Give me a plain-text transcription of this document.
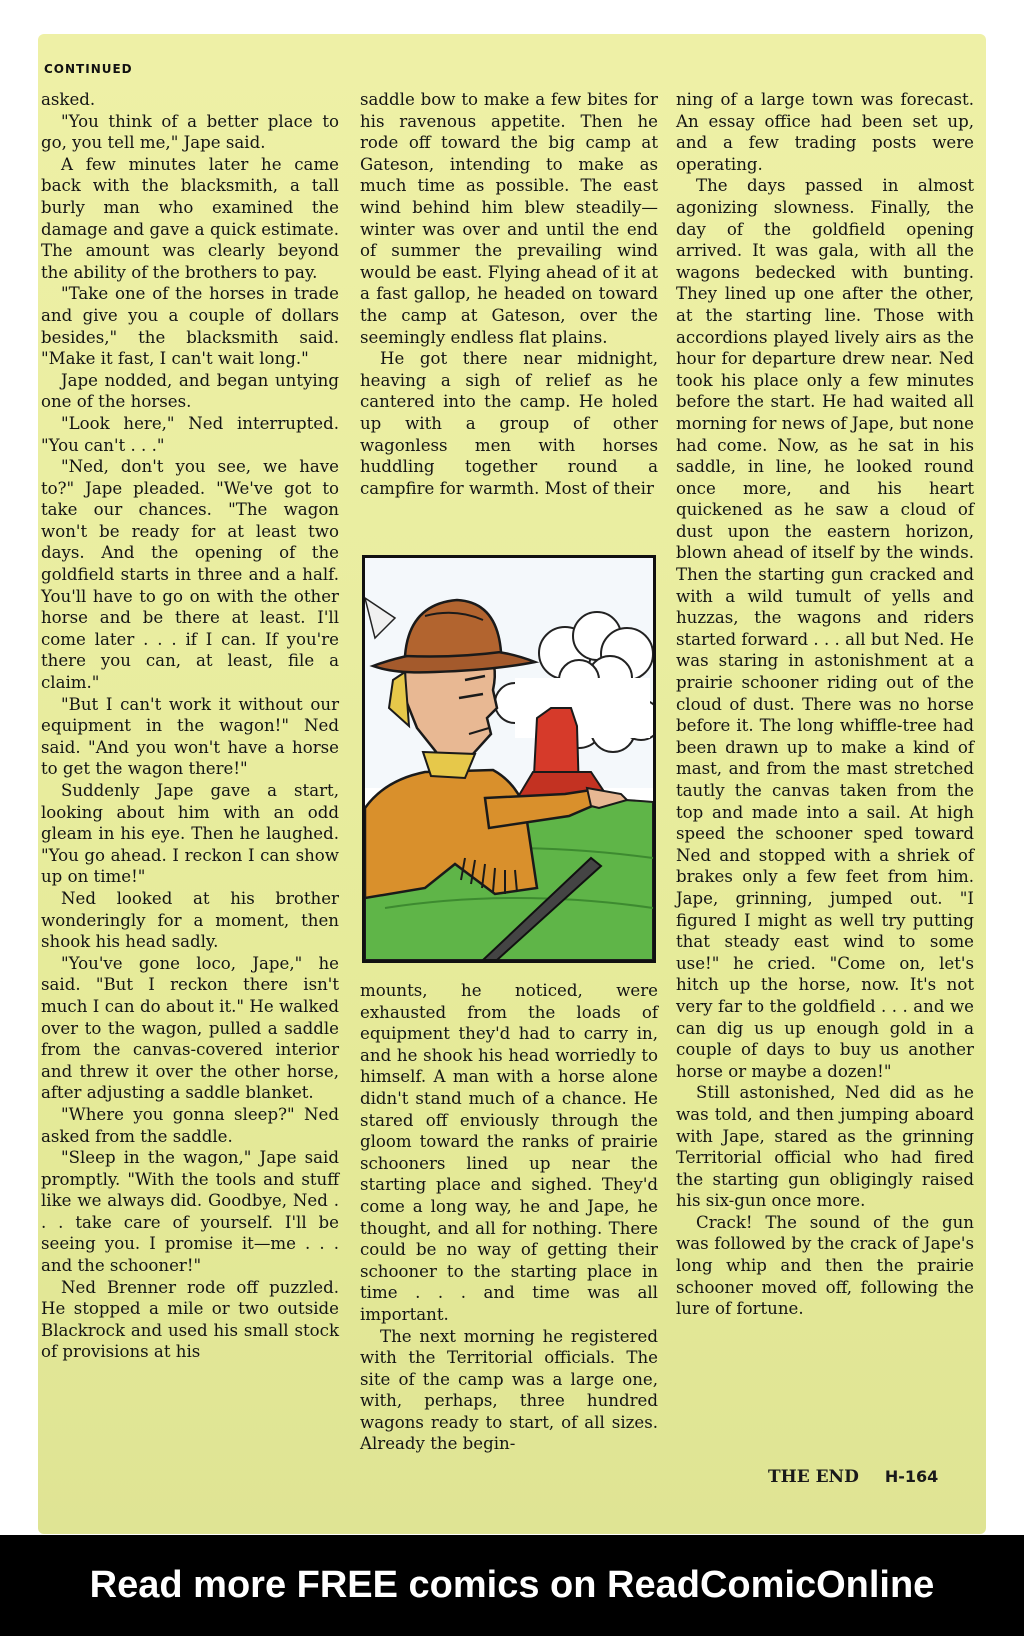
CONTINUED

asked.

"You think of a better place to go, you tell me," Jape said.

A few minutes later he came back with the blacksmith, a tall burly man who examined the damage and gave a quick estimate. The amount was clearly beyond the ability of the brothers to pay.

"Take one of the horses in trade and give you a couple of dollars besides," the blacksmith said. "Make it fast, I can't wait long."

Jape nodded, and began untying one of the horses.

"Look here," Ned interrupted. "You can't . . ."

"Ned, don't you see, we have to?" Jape pleaded. "We've got to take our chances. "The wagon won't be ready for at least two days. And the opening of the goldfield starts in three and a half. You'll have to go on with the other horse and be there at least. I'll come later . . . if I can. If you're there you can, at least, file a claim."

"But I can't work it without our equipment in the wagon!" Ned said. "And you won't have a horse to get the wagon there!"

Suddenly Jape gave a start, looking about him with an odd gleam in his eye. Then he laughed. "You go ahead. I reckon I can show up on time!"

Ned looked at his brother wonderingly for a moment, then shook his head sadly.

"You've gone loco, Jape," he said. "But I reckon there isn't much I can do about it." He walked over to the wagon, pulled a saddle from the canvas-covered interior and threw it over the other horse, after adjusting a saddle blanket.

"Where you gonna sleep?" Ned asked from the saddle.

"Sleep in the wagon," Jape said promptly. "With the tools and stuff like we always did. Goodbye, Ned . . . take care of yourself. I'll be seeing you. I promise it—me . . . and the schooner!"

Ned Brenner rode off puzzled. He stopped a mile or two outside Blackrock and used his small stock of provisions at his

saddle bow to make a few bites for his ravenous appetite. Then he rode off toward the big camp at Gateson, intending to make as much time as possible. The east wind behind him blew steadily—winter was over and until the end of summer the prevailing wind would be east. Flying ahead of it at a fast gallop, he headed on toward the camp at Gateson, over the seemingly endless flat plains.

He got there near midnight, heaving a sigh of relief as he cantered into the camp. He holed up with a group of other wagonless men with horses huddling together round a campfire for warmth. Most of their

mounts, he noticed, were exhausted from the loads of equipment they'd had to carry in, and he shook his head worriedly to himself. A man with a horse alone didn't stand much of a chance. He stared off enviously through the gloom toward the ranks of prairie schooners lined up near the starting place and sighed. They'd come a long way, he and Jape, he thought, and all for nothing. There could be no way of getting their schooner to the starting place in time . . . and time was all important.

The next morning he registered with the Territorial officials. The site of the camp was a large one, with, perhaps, three hundred wagons ready to start, of all sizes. Already the begin-

ning of a large town was forecast. An essay office had been set up, and a few trading posts were operating.

The days passed in almost agonizing slowness. Finally, the day of the goldfield opening arrived. It was gala, with all the wagons bedecked with bunting. They lined up one after the other, at the starting line. Those with accordions played lively airs as the hour for departure drew near. Ned took his place only a few minutes before the start. He had waited all morning for news of Jape, but none had come. Now, as he sat in his saddle, in line, he looked round once more, and his heart quickened as he saw a cloud of dust upon the eastern horizon, blown ahead of itself by the winds. Then the starting gun cracked and with a wild tumult of yells and huzzas, the wagons and riders started forward . . . all but Ned. He was staring in astonishment at a prairie schooner riding out of the cloud of dust. There was no horse before it. The long whiffle-tree had been drawn up to make a kind of mast, and from the mast stretched tautly the canvas taken from the top and made into a sail. At high speed the schooner sped toward Ned and stopped with a shriek of brakes only a few feet from him. Jape, grinning, jumped out. "I figured I might as well try putting that steady east wind to some use!" he cried. "Come on, let's hitch up the horse, now. It's not very far to the goldfield . . . and we can dig us up enough gold in a couple of days to buy us another horse or maybe a dozen!"

Still astonished, Ned did as he was told, and then jumping aboard with Jape, stared as the grinning Territorial official who had fired the starting gun obligingly raised his six-gun once more.

Crack! The sound of the gun was followed by the crack of Jape's long whip and then the prairie schooner moved off, following the lure of fortune.

THE END H-164
Read more FREE comics on ReadComicOnline
